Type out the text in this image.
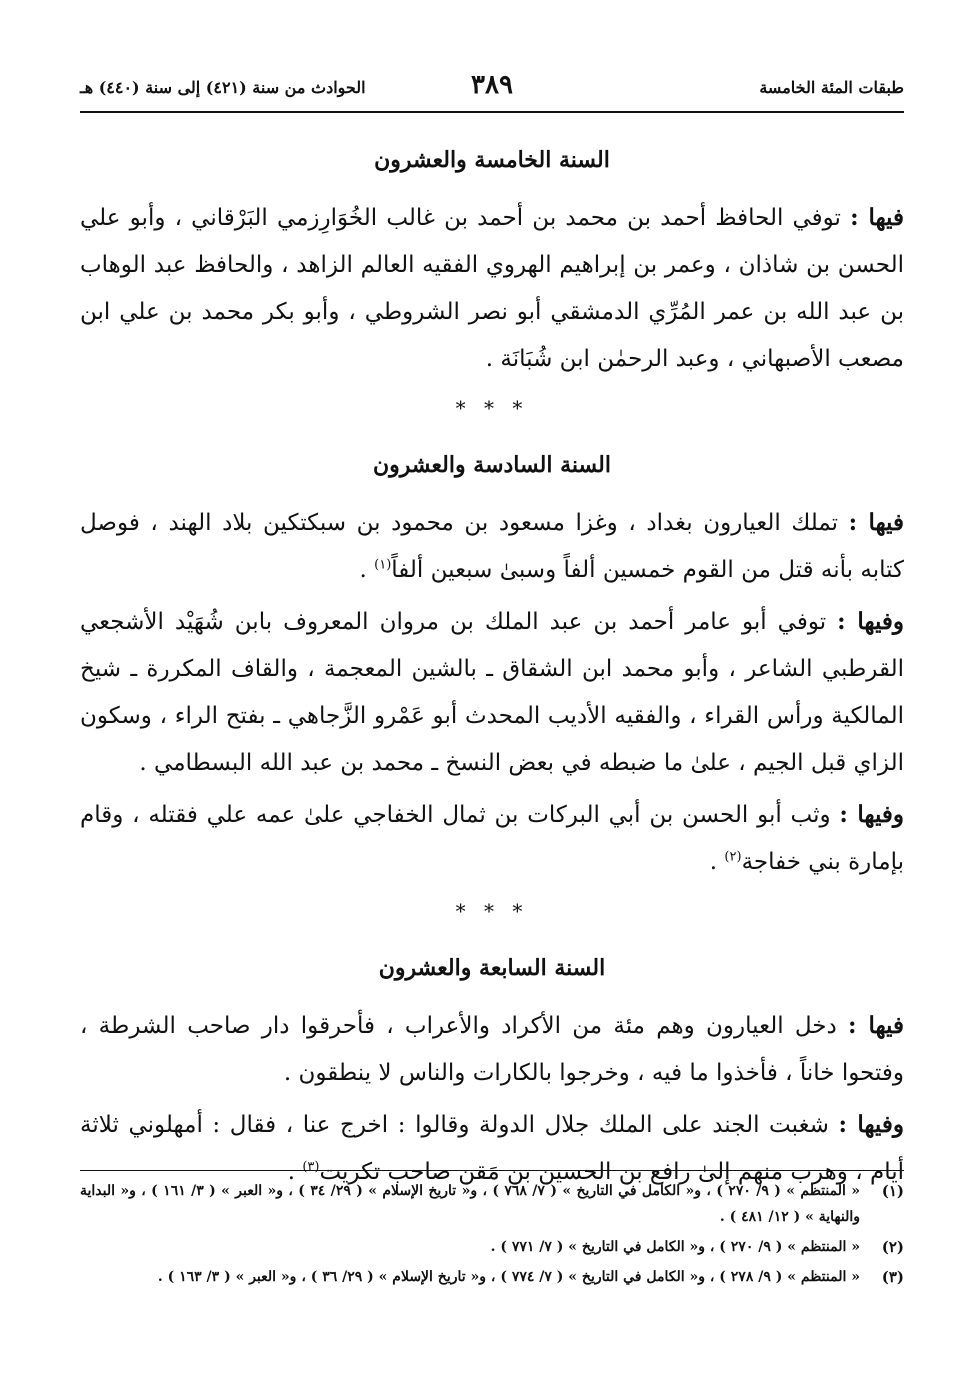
طبقات المئة الخامسة
٣٨٩
الحوادث من سنة (٤٢١) إلى سنة (٤٤٠) هـ
السنة الخامسة والعشرون

فيها : توفي الحافظ أحمد بن محمد بن أحمد بن غالب الخُوَارِزمي البَرْقاني ، وأبو علي الحسن بن شاذان ، وعمر بن إبراهيم الهروي الفقيه العالم الزاهد ، والحافظ عبد الوهاب بن عبد الله بن عمر المُرِّي الدمشقي أبو نصر الشروطي ، وأبو بكر محمد بن علي ابن مصعب الأصبهاني ، وعبد الرحمٰن ابن شُبَانَة .

* * *
السنة السادسة والعشرون

فيها : تملك العيارون بغداد ، وغزا مسعود بن محمود بن سبكتكين بلاد الهند ، فوصل كتابه بأنه قتل من القوم خمسين ألفاً وسبىٰ سبعين ألفاً$^{(١)}$ .

وفيها : توفي أبو عامر أحمد بن عبد الملك بن مروان المعروف بابن شُهَيْد الأشجعي القرطبي الشاعر ، وأبو محمد ابن الشقاق ـ بالشين المعجمة ، والقاف المكررة ـ شيخ المالكية ورأس القراء ، والفقيه الأديب المحدث أبو عَمْرو الزَّجاهي ـ بفتح الراء ، وسكون الزاي قبل الجيم ، علىٰ ما ضبطه في بعض النسخ ـ محمد بن عبد الله البسطامي .

وفيها : وثب أبو الحسن بن أبي البركات بن ثمال الخفاجي علىٰ عمه علي فقتله ، وقام بإمارة بني خفاجة$^{(٢)}$ .

* * *
السنة السابعة والعشرون

فيها : دخل العيارون وهم مئة من الأكراد والأعراب ، فأحرقوا دار صاحب الشرطة ، وفتحوا خاناً ، فأخذوا ما فيه ، وخرجوا بالكارات والناس لا ينطقون .

وفيها : شغبت الجند على الملك جلال الدولة وقالوا : اخرج عنا ، فقال : أمهلوني ثلاثة أيام ، وهرب منهم إلىٰ رافع بن الحسين بن مَقن صاحب تكريت$^{(٣)}$ .

(١)
« المنتظم » ( ٩/ ٢٧٠ ) ، و« الكامل في التاريخ » ( ٧/ ٧٦٨ ) ، و« تاريخ الإسلام » ( ٢٩/ ٣٤ ) ، و« العبر » ( ٣/ ١٦١ ) ، و« البداية والنهاية » ( ١٢/ ٤٨١ ) .
(٢)
« المنتظم » ( ٩/ ٢٧٠ ) ، و« الكامل في التاريخ » ( ٧/ ٧٧١ ) .
(٣)
« المنتظم » ( ٩/ ٢٧٨ ) ، و« الكامل في التاريخ » ( ٧/ ٧٧٤ ) ، و« تاريخ الإسلام » ( ٢٩/ ٣٦ ) ، و« العبر » ( ٣/ ١٦٣ ) .
